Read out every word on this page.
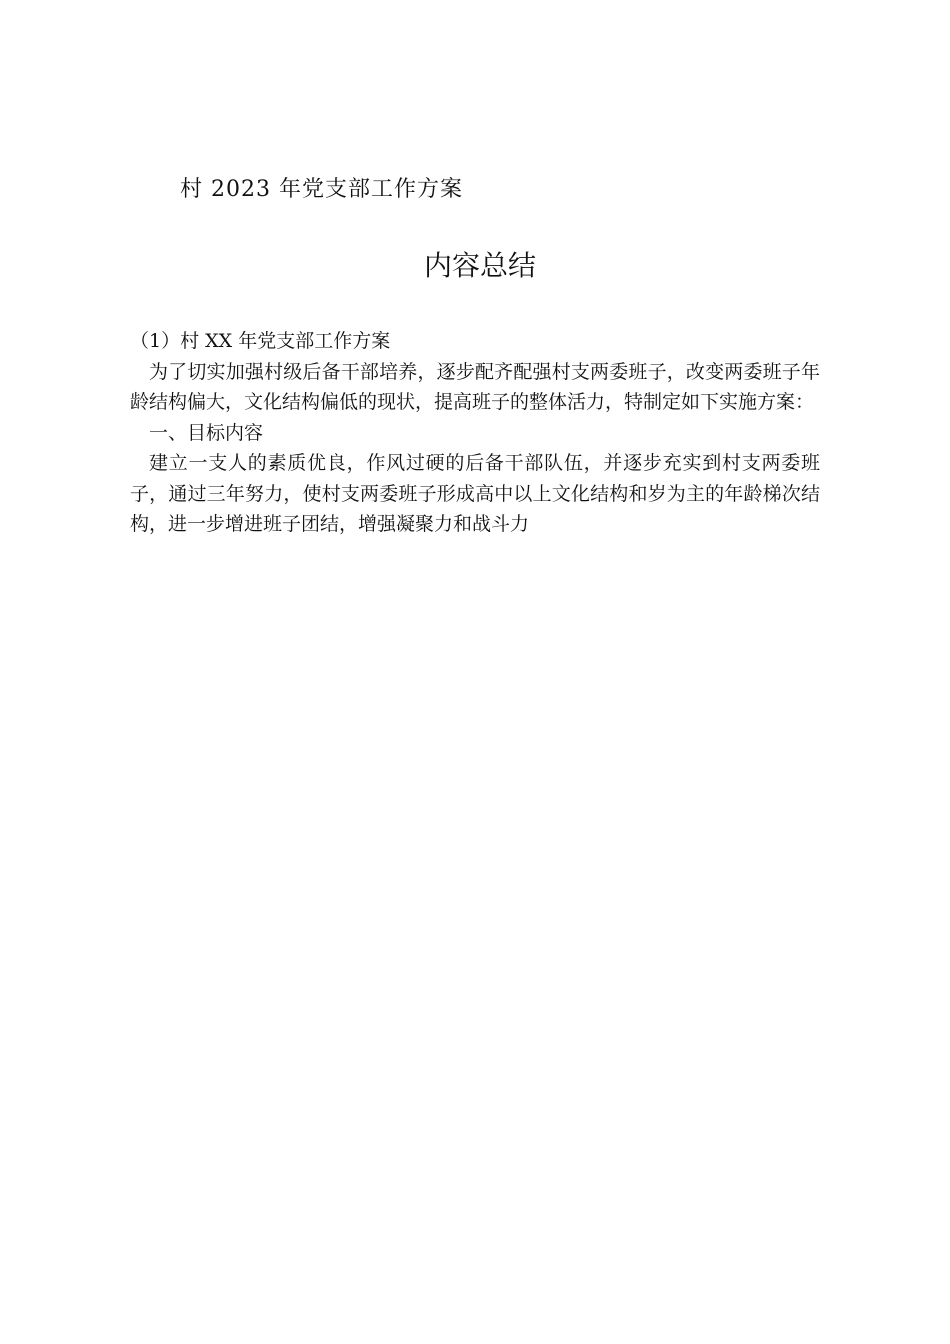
村 2023 年党支部工作方案
内容总结

（1）村 XX 年党支部工作方案

为了切实加强村级后备干部培养，逐步配齐配强村支两委班子，改变两委班子年龄结构偏大，文化结构偏低的现状，提高班子的整体活力，特制定如下实施方案：

一、目标内容

建立一支人的素质优良，作风过硬的后备干部队伍，并逐步充实到村支两委班子，通过三年努力，使村支两委班子形成高中以上文化结构和岁为主的年龄梯次结构，进一步增进班子团结，增强凝聚力和战斗力
